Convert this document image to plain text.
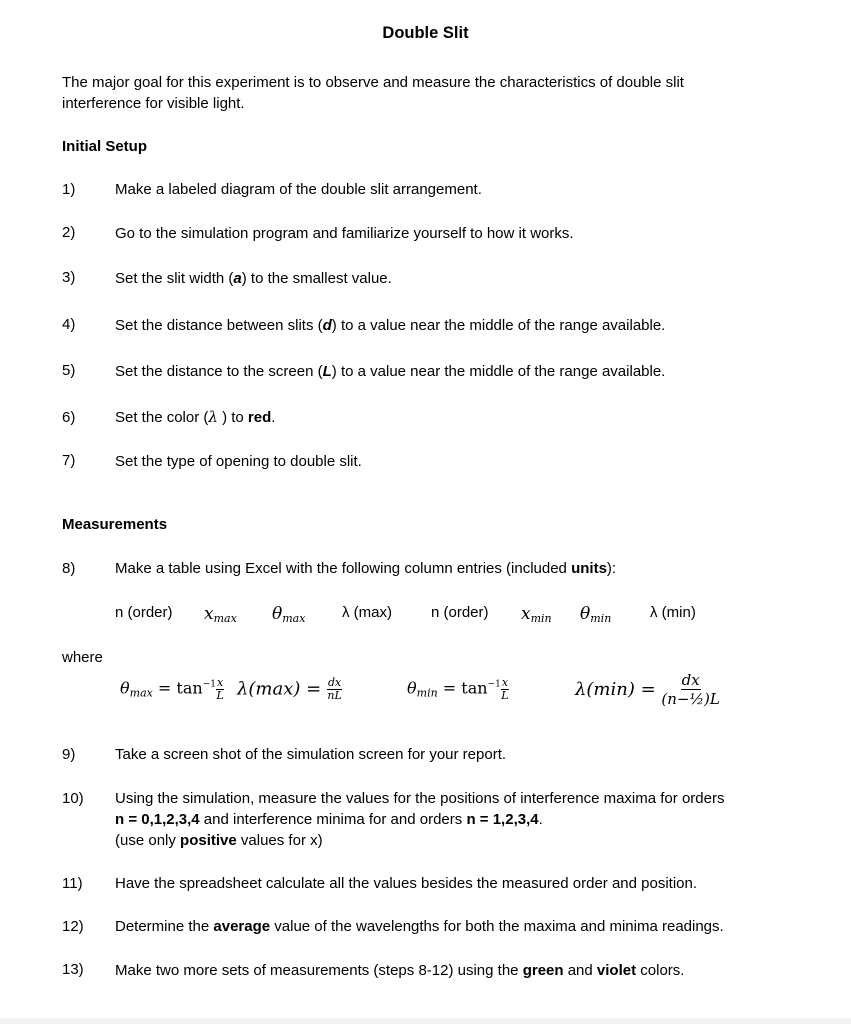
Double Slit
The major goal for this experiment is to observe and measure the characteristics of double slit interference for visible light.
Initial Setup
1)	Make a labeled diagram of the double slit arrangement.
2)	Go to the simulation program and familiarize yourself to how it works.
3)	Set the slit width (a) to the smallest value.
4)	Set the distance between slits (d) to a value near the middle of the range available.
5)	Set the distance to the screen (L) to a value near the middle of the range available.
6)	Set the color (λ ) to red.
7)	Set the type of opening to double slit.
Measurements
8)	Make a table using Excel with the following column entries (included units):
n (order) $x_{max}$ $\theta_{max}$ λ (max)	n (order) $x_{min}$ $\theta_{min}$	λ (min)
where
$\theta_{max} = \tan^{-1} \frac{x}{L} \lambda(\max) = \frac{dx}{nL}$	$\theta_{min} = \tan^{-1} \frac{x}{L}$	$\lambda(\min) = \frac{dx}{\text{(n−½)L}}$
9)	Take a screen shot of the simulation screen for your report.
10) Using the simulation, measure the values for the positions of interference maxima for orders
n = 0,1,2,3,4 and interference minima for and orders n = 1,2,3,4.
(use only positive values for x)
11) Have the spreadsheet calculate all the values besides the measured order and position.
12) Determine the average value of the wavelengths for both the maxima and minima readings.
13) Make two more sets of measurements (steps 8-12) using the green and violet colors.
